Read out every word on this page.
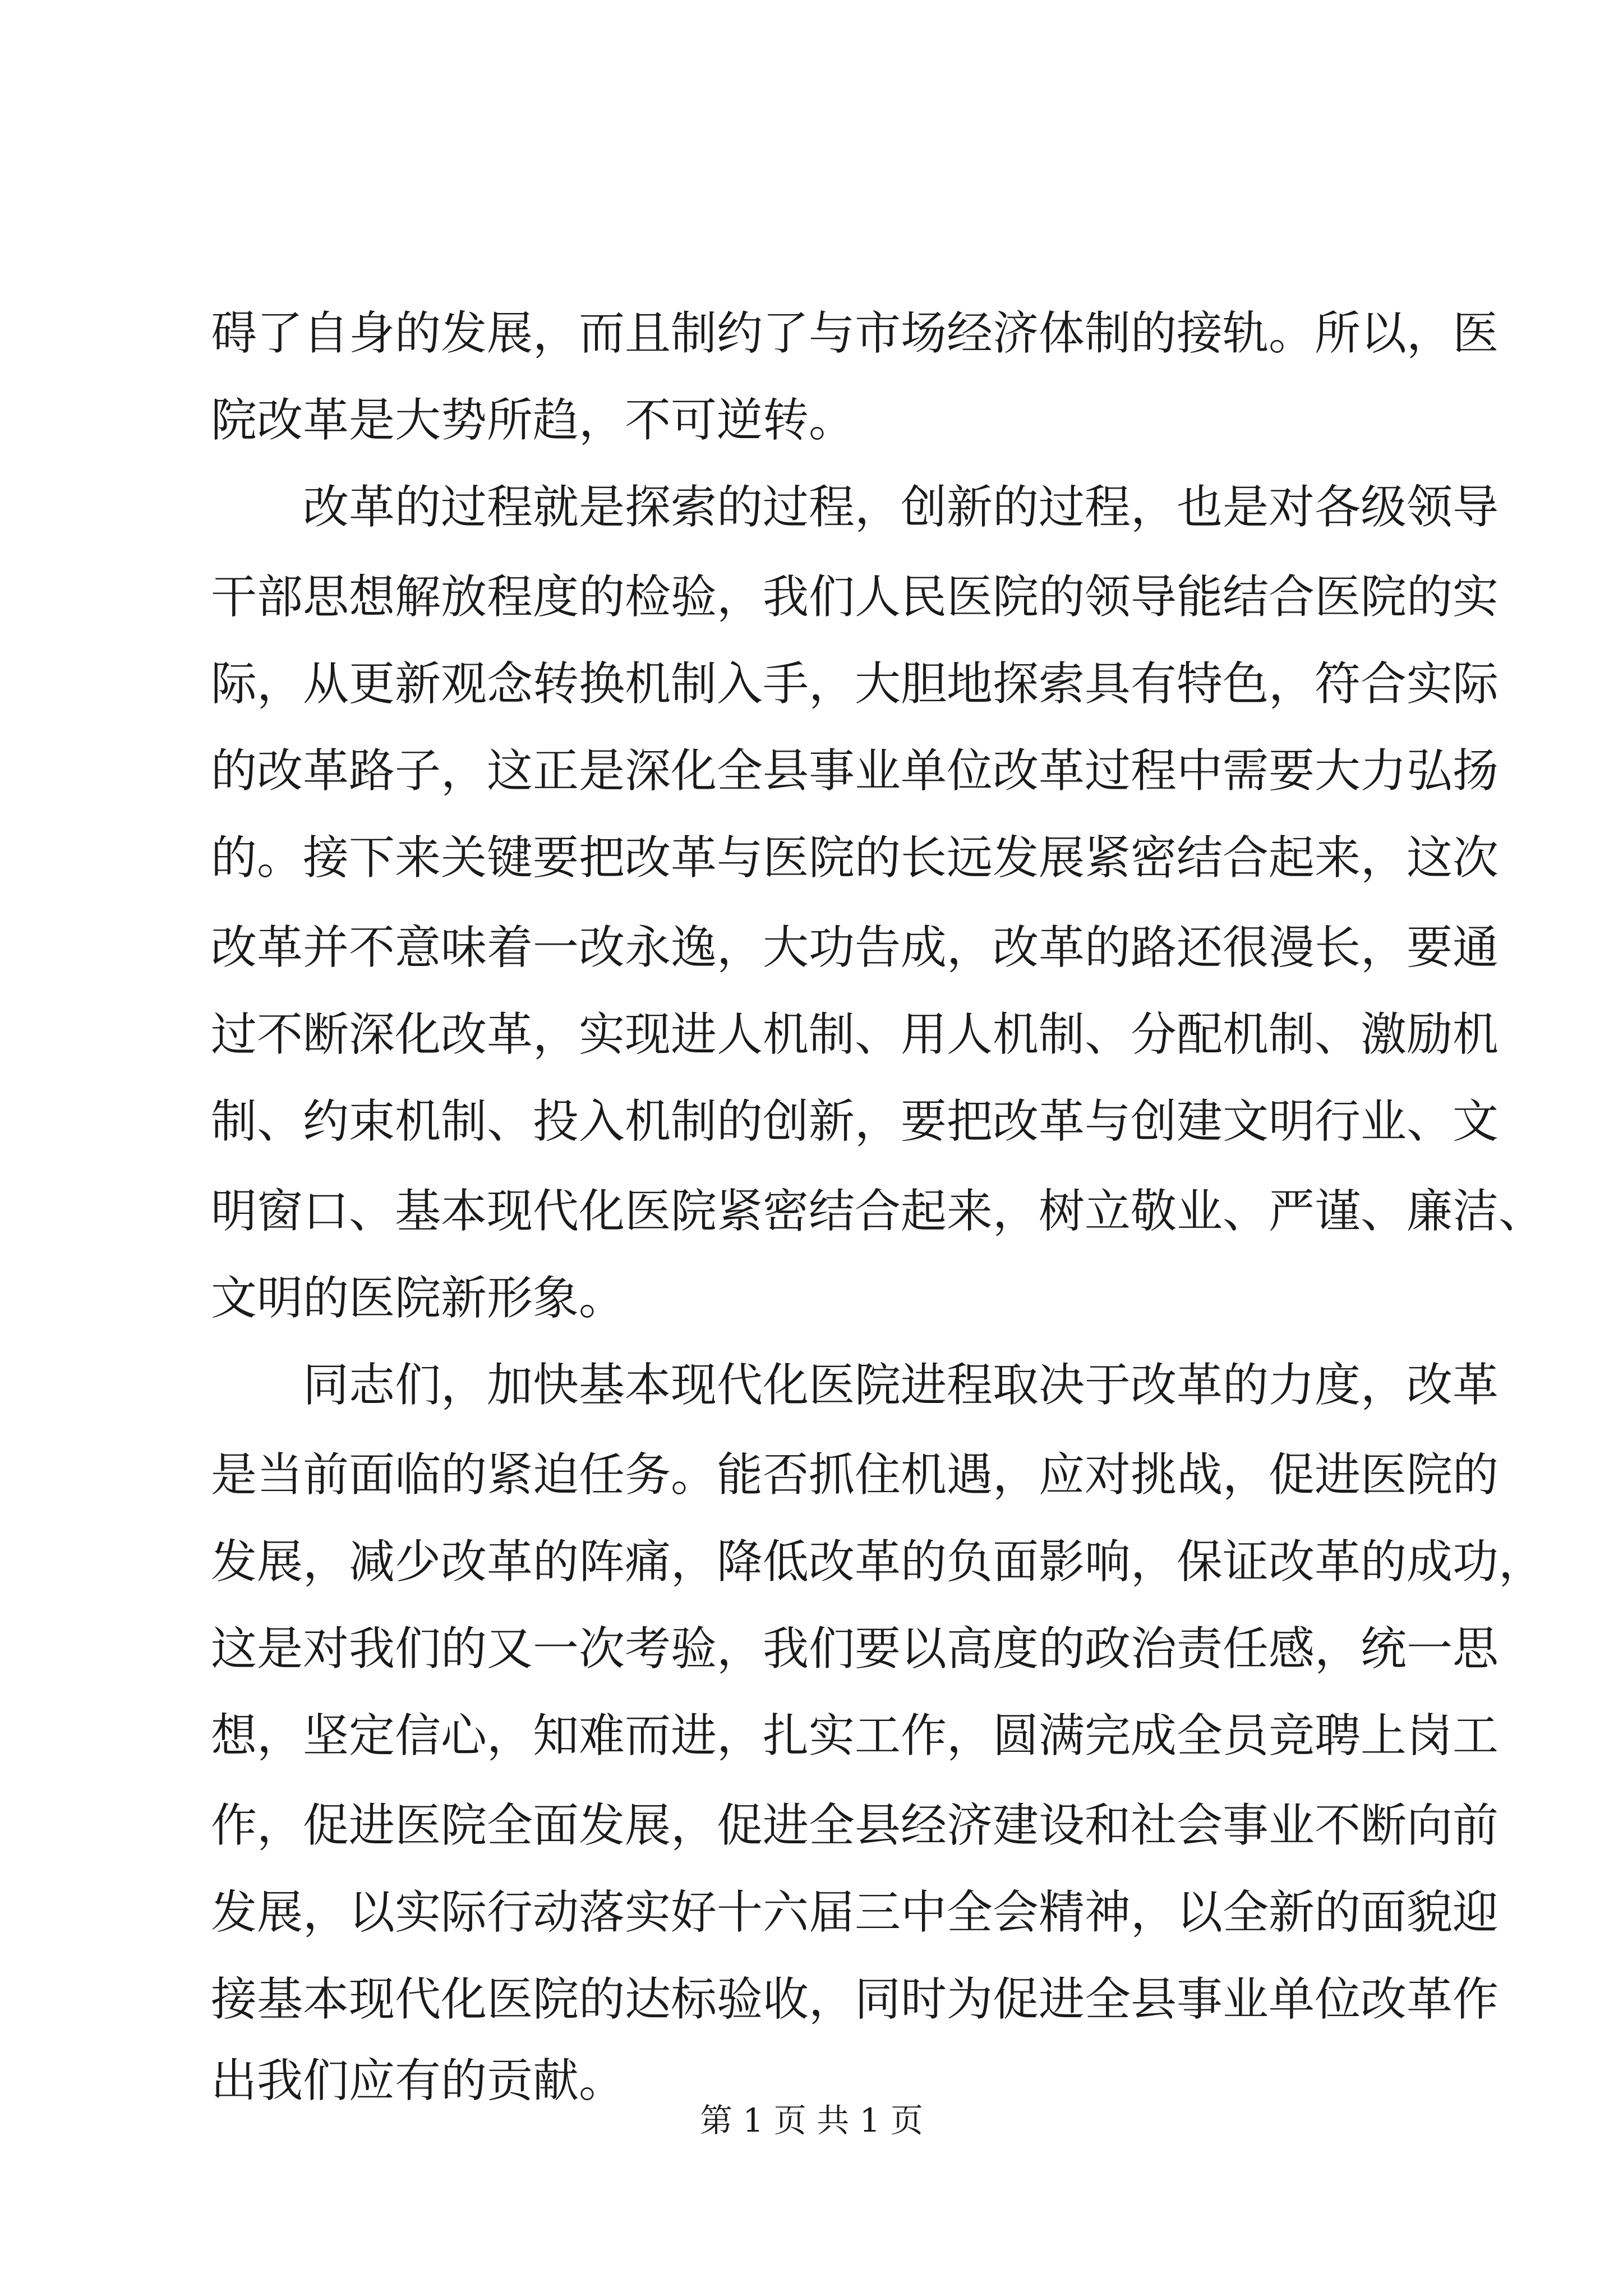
碍了自身的发展，而且制约了与市场经济体制的接轨。所以，医
院改革是大势所趋，不可逆转。
改革的过程就是探索的过程，创新的过程，也是对各级领导
干部思想解放程度的检验，我们人民医院的领导能结合医院的实
际，从更新观念转换机制入手，大胆地探索具有特色，符合实际
的改革路子，这正是深化全县事业单位改革过程中需要大力弘扬
的。接下来关键要把改革与医院的长远发展紧密结合起来，这次
改革并不意味着一改永逸，大功告成，改革的路还很漫长，要通
过不断深化改革，实现进人机制、用人机制、分配机制、激励机
制、约束机制、投入机制的创新，要把改革与创建文明行业、文
明窗口、基本现代化医院紧密结合起来，树立敬业、严谨、廉洁、
文明的医院新形象。
同志们，加快基本现代化医院进程取决于改革的力度，改革
是当前面临的紧迫任务。能否抓住机遇，应对挑战，促进医院的
发展，减少改革的阵痛，降低改革的负面影响，保证改革的成功，
这是对我们的又一次考验，我们要以高度的政治责任感，统一思
想，坚定信心，知难而进，扎实工作，圆满完成全员竞聘上岗工
作，促进医院全面发展，促进全县经济建设和社会事业不断向前
发展，以实际行动落实好十六届三中全会精神，以全新的面貌迎
接基本现代化医院的达标验收，同时为促进全县事业单位改革作
出我们应有的贡献。
第 1 页 共 1 页
